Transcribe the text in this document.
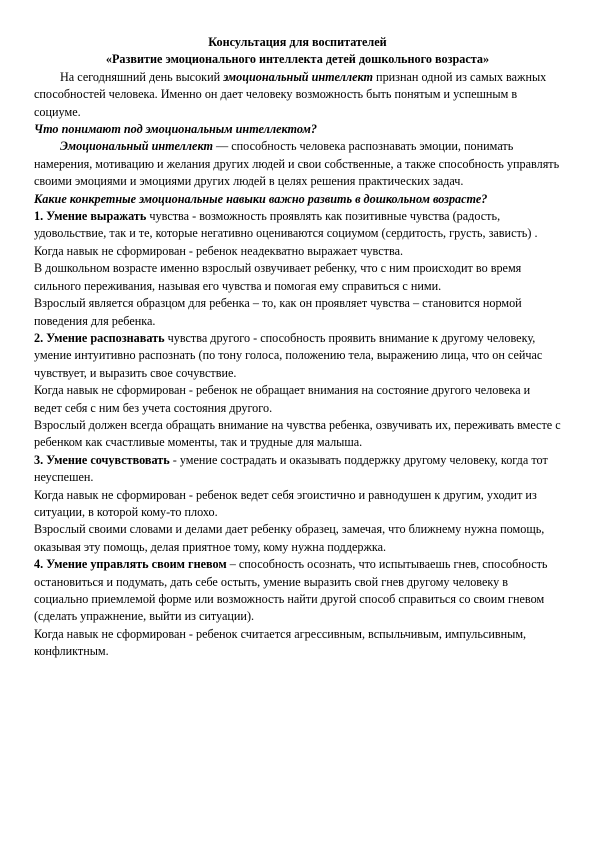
Консультация для воспитателей

«Развитие эмоционального интеллекта детей дошкольного возраста»

На сегодняшний день высокий эмоциональный интеллект признан одной из самых важных способностей человека. Именно он дает человеку возможность быть понятым и успешным в социуме.

Что понимают под эмоциональным интеллектом?

Эмоциональный интеллект — способность человека распознавать эмоции, понимать намерения, мотивацию и желания других людей и свои собственные, а также способность управлять своими эмоциями и эмоциями других людей в целях решения практических задач.

Какие конкретные эмоциональные навыки важно развить в дошкольном возрасте?

1. Умение выражать чувства - возможность проявлять как позитивные чувства (радость, удовольствие, так и те, которые негативно оцениваются социумом (сердитость, грусть, зависть) .

Когда навык не сформирован - ребенок неадекватно выражает чувства.

В дошкольном возрасте именно взрослый озвучивает ребенку, что с ним происходит во время сильного переживания, называя его чувства и помогая ему справиться с ними.

Взрослый является образцом для ребенка – то, как он проявляет чувства – становится нормой поведения для ребенка.

2. Умение распознавать чувства другого - способность проявить внимание к другому человеку, умение интуитивно распознать (по тону голоса, положению тела, выражению лица, что он сейчас чувствует, и выразить свое сочувствие.

Когда навык не сформирован - ребенок не обращает внимания на состояние другого человека и ведет себя с ним без учета состояния другого.

Взрослый должен всегда обращать внимание на чувства ребенка, озвучивать их, переживать вместе с ребенком как счастливые моменты, так и трудные для малыша.

3. Умение сочувствовать - умение сострадать и оказывать поддержку другому человеку, когда тот неуспешен.

Когда навык не сформирован - ребенок ведет себя эгоистично и равнодушен к другим, уходит из ситуации, в которой кому-то плохо.

Взрослый своими словами и делами дает ребенку образец, замечая, что ближнему нужна помощь, оказывая эту помощь, делая приятное тому, кому нужна поддержка.

4. Умение управлять своим гневом – способность осознать, что испытываешь гнев, способность остановиться и подумать, дать себе остыть, умение выразить свой гнев другому человеку в социально приемлемой форме или возможность найти другой способ справиться со своим гневом (сделать упражнение, выйти из ситуации).

Когда навык не сформирован - ребенок считается агрессивным, вспыльчивым, импульсивным, конфликтным.
